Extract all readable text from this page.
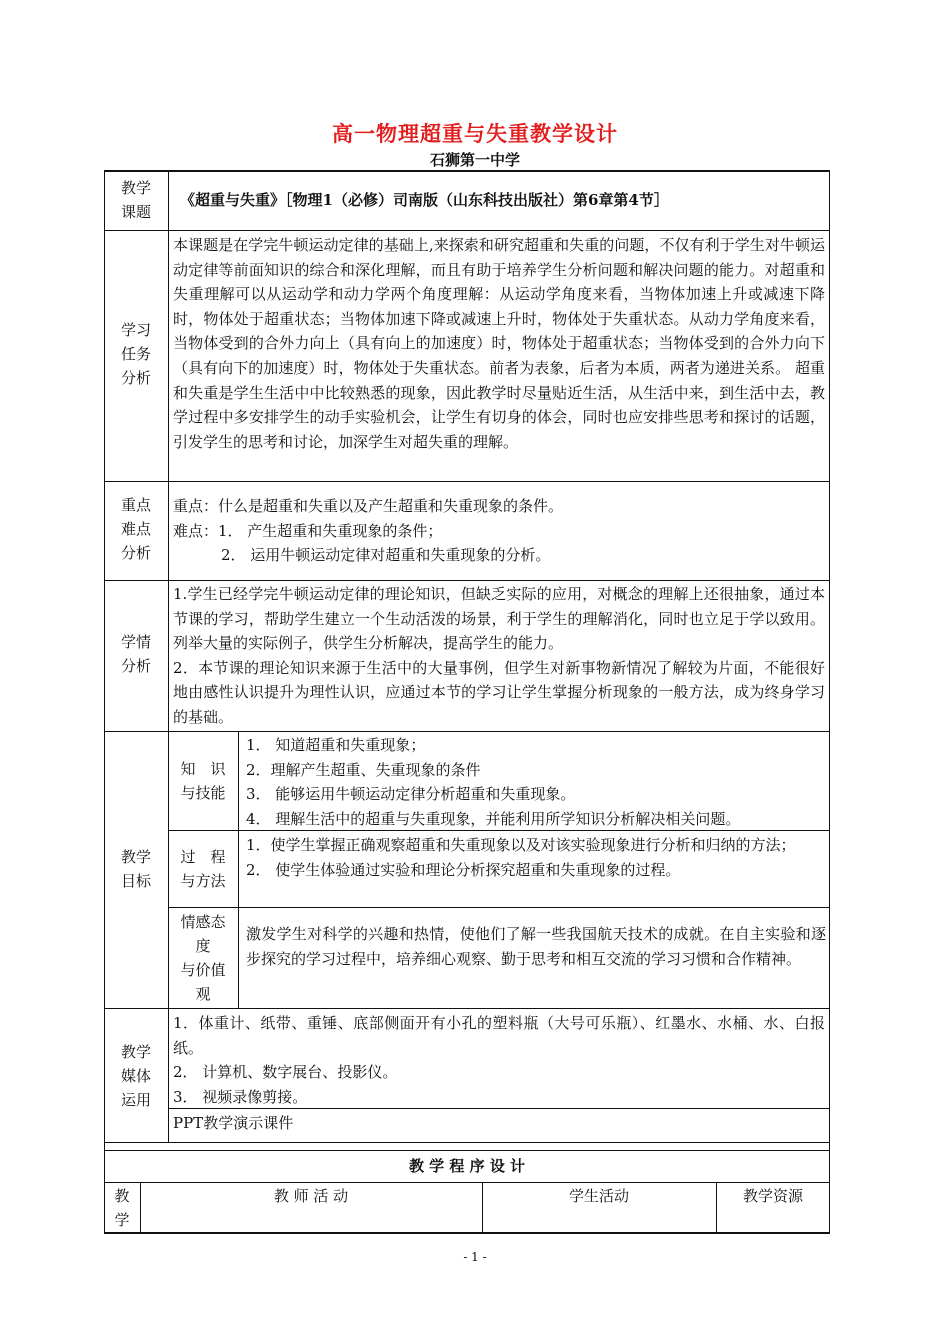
高一物理超重与失重教学设计
石狮第一中学
教学
课题
《超重与失重》［物理1（必修）司南版（山东科技出版社）第6章第4节］
学习
任务
分析
本课题是在学完牛顿运动定律的基础上,来探索和研究超重和失重的问题，不仅有利于学生对牛顿运动定律等前面知识的综合和深化理解，而且有助于培养学生分析问题和解决问题的能力。对超重和失重理解可以从运动学和动力学两个角度理解：从运动学角度来看，当物体加速上升或减速下降时，物体处于超重状态；当物体加速下降或减速上升时，物体处于失重状态。从动力学角度来看，当物体受到的合外力向上（具有向上的加速度）时，物体处于超重状态；当物体受到的合外力向下（具有向下的加速度）时，物体处于失重状态。前者为表象，后者为本质，两者为递进关系。 超重和失重是学生生活中中比较熟悉的现象，因此教学时尽量贴近生活，从生活中来，到生活中去，教学过程中多安排学生的动手实验机会，让学生有切身的体会，同时也应安排些思考和探讨的话题，引发学生的思考和讨论，加深学生对超失重的理解。
重点
难点
分析
重点：什么是超重和失重以及产生超重和失重现象的条件。
难点：1． 产生超重和失重现象的条件；
2． 运用牛顿运动定律对超重和失重现象的分析。
学情
分析
1.学生已经学完牛顿运动定律的理论知识，但缺乏实际的应用，对概念的理解上还很抽象，通过本节课的学习，帮助学生建立一个生动活泼的场景，利于学生的理解消化，同时也立足于学以致用。列举大量的实际例子，供学生分析解决，提高学生的能力。
2．本节课的理论知识来源于生活中的大量事例，但学生对新事物新情况了解较为片面，不能很好地由感性认识提升为理性认识，应通过本节的学习让学生掌握分析现象的一般方法，成为终身学习的基础。
教学
目标
知　识
与技能
1． 知道超重和失重现象；
2．理解产生超重、失重现象的条件
3． 能够运用牛顿运动定律分析超重和失重现象。
4． 理解生活中的超重与失重现象，并能利用所学知识分析解决相关问题。
过　程
与方法
1．使学生掌握正确观察超重和失重现象以及对该实验现象进行分析和归纳的方法；
2． 使学生体验通过实验和理论分析探究超重和失重现象的过程。
情感态
度
与价值
观
激发学生对科学的兴趣和热情，使他们了解一些我国航天技术的成就。在自主实验和逐步探究的学习过程中，培养细心观察、勤于思考和相互交流的学习习惯和合作精神。
教学
媒体
运用
1．体重计、纸带、重锤、底部侧面开有小孔的塑料瓶（大号可乐瓶）、红墨水、水桶、水、白报纸。
2． 计算机、数字展台、投影仪。
3． 视频录像剪接。
PPT教学演示课件
教 学 程 序 设 计
教
学
教 师 活 动	学生活动	教学资源
- 1 -
